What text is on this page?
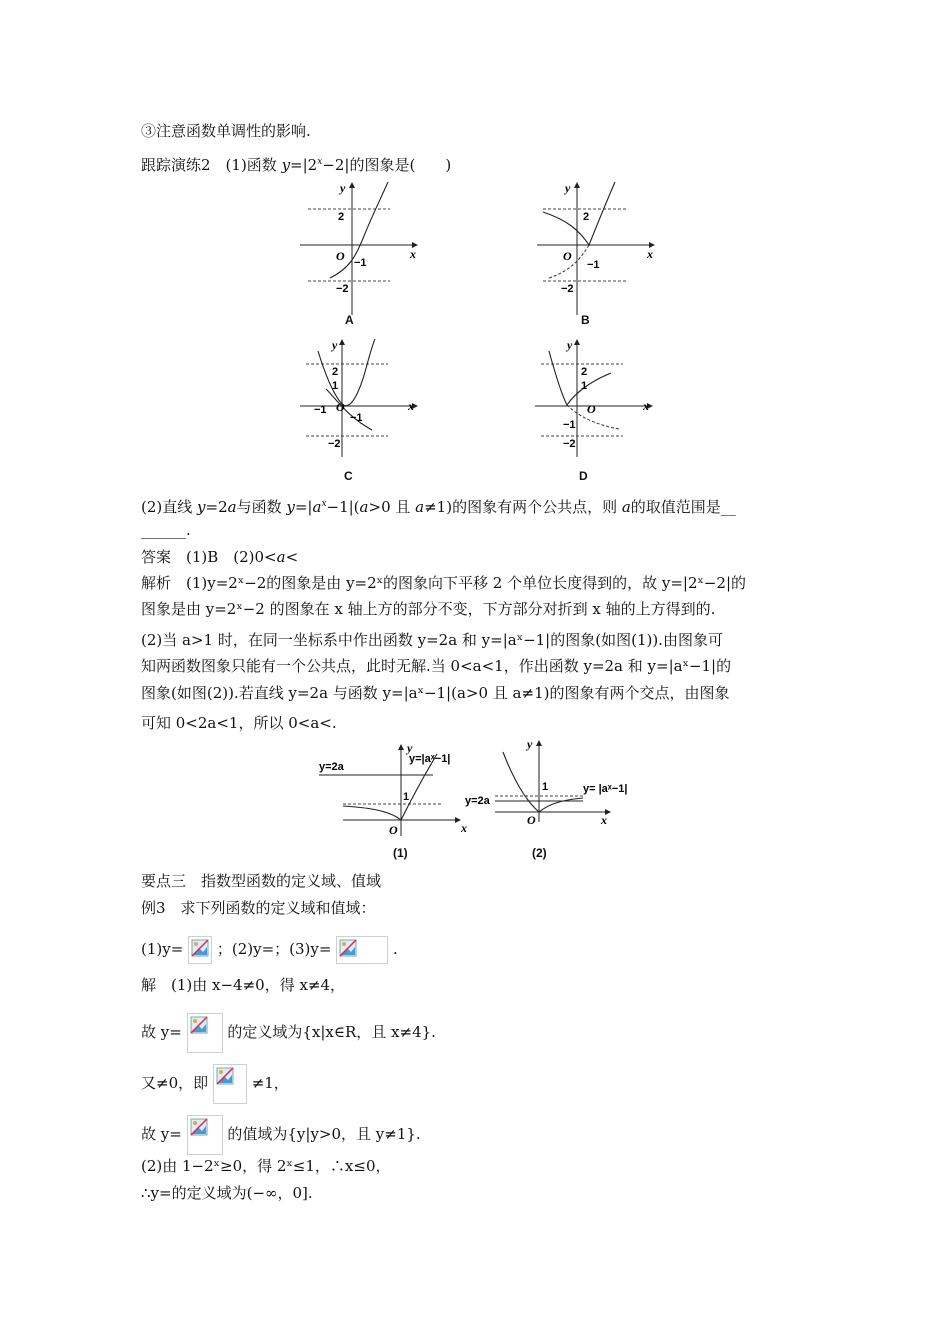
③注意函数单调性的影响.
跟踪演练2　(1)函数 $y=|2^x-2|$的图象是(　　)
x
y
O
2
−1
−2
A
x
y
O
2
−1
−2
B
x
y
O
2
1
−1
−1
−2
C
x
y
O
2
1
−1
−2
D
(2)直线 y=2a与函数 $y=|a^x-1|(a>0$ 且 a≠1)的图象有两个公共点，则 a的取值范围是__
______.
答案　(1)B　(2)0<a<
解析　(1)y=2ˣ−2的图象是由 y=2ˣ的图象向下平移 2 个单位长度得到的，故 y=|2ˣ−2|的
图象是由 y=2ˣ−2 的图象在 x 轴上方的部分不变，下方部分对折到 x 轴的上方得到的.
(2)当 a>1 时，在同一坐标系中作出函数 y=2a 和 y=|aˣ−1|的图象(如图(1)).由图象可
知两函数图象只能有一个公共点，此时无解.当 0<a<1，作出函数 y=2a 和 y=|aˣ−1|的
图象(如图(2)).若直线 y=2a 与函数 y=|aˣ−1|(a>0 且 a≠1)的图象有两个交点，由图象
可知 0<2a<1，所以 0<a<.
y=2a
y=|aˣ−1|
y
x
O
1
(1)
y=2a
y= |aˣ−1|
y
x
O
1
(2)
要点三　指数型函数的定义域、值域
例3　求下列函数的定义域和值域：
(1)y= ；(2)y=；(3)y=	.
解　(1)由 x−4≠0，得 x≠4，
故 y=	的定义域为{x|x∈R，且 x≠4}.
又≠0，即	≠1，
故 y=	的值域为{y|y>0，且 y≠1}.
(2)由 1−2ˣ≥0，得 2ˣ≤1，∴x≤0，
∴y=的定义域为(−∞，0].
